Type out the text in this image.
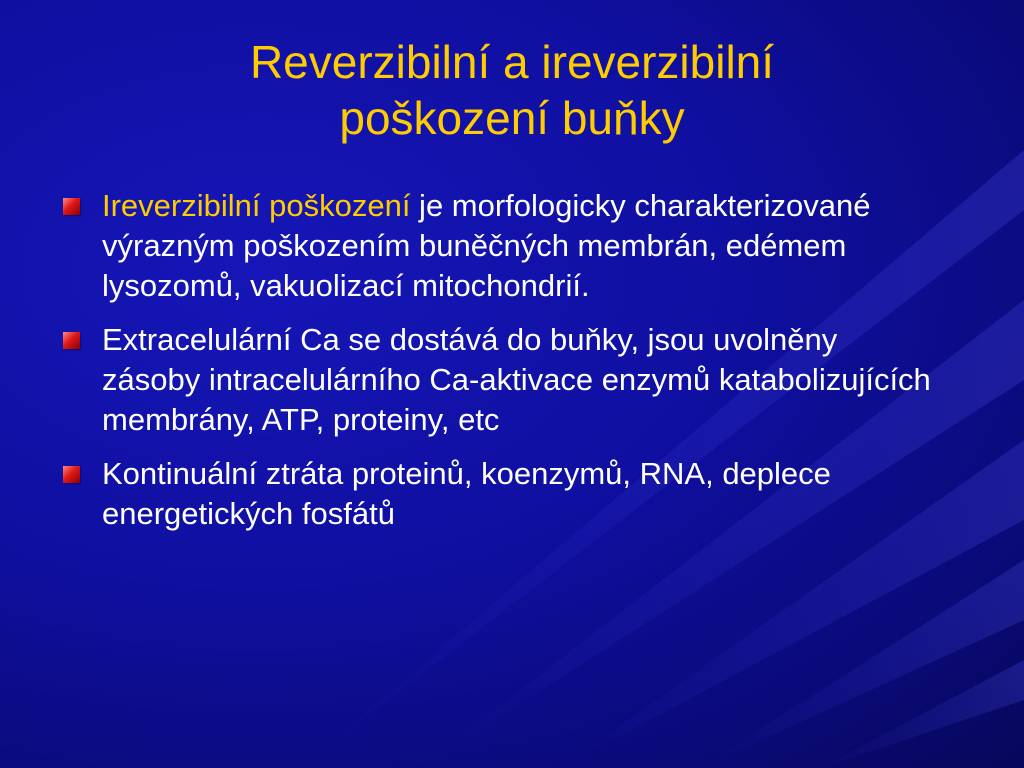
Reverzibilní a ireverzibilní
poškození buňky
Ireverzibilní poškození je morfologicky charakterizované výrazným poškozením buněčných membrán, edémem lysozomů, vakuolizací mitochondrií.
Extracelulární Ca se dostává do buňky, jsou uvolněny zásoby intracelulárního Ca-aktivace enzymů katabolizujících membrány, ATP, proteiny, etc
Kontinuální ztráta proteinů, koenzymů, RNA, deplece energetických fosfátů
